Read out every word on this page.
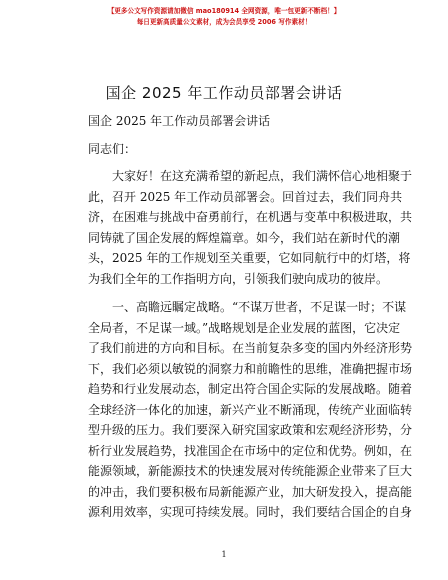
【更多公文写作资源请加微信 mao180914 全网资源，唯一包更新不断档！】
每日更新高质量公文素材，成为会员享受 2006 写作素材！
国企 2025 年工作动员部署会讲话
国企 2025 年工作动员部署会讲话
同志们：

大家好！在这充满希望的新起点，我们满怀信心地相聚于
此，召开 2025 年工作动员部署会。回首过去，我们同舟共
济，在困难与挑战中奋勇前行，在机遇与变革中积极进取，共
同铸就了国企发展的辉煌篇章。如今，我们站在新时代的潮
头，2025 年的工作规划至关重要，它如同航行中的灯塔，将
为我们全年的工作指明方向，引领我们驶向成功的彼岸。

一、高瞻远瞩定战略。“不谋万世者，不足谋一时；不谋
全局者，不足谋一域。”战略规划是企业发展的蓝图，它决定
了我们前进的方向和目标。在当前复杂多变的国内外经济形势
下，我们必须以敏锐的洞察力和前瞻性的思维，准确把握市场
趋势和行业发展动态，制定出符合国企实际的发展战略。随着
全球经济一体化的加速，新兴产业不断涌现，传统产业面临转
型升级的压力。我们要深入研究国家政策和宏观经济形势，分
析行业发展趋势，找准国企在市场中的定位和优势。例如，在
能源领域，新能源技术的快速发展对传统能源企业带来了巨大
的冲击，我们要积极布局新能源产业，加大研发投入，提高能
源利用效率，实现可持续发展。同时，我们要结合国企的自身

1
